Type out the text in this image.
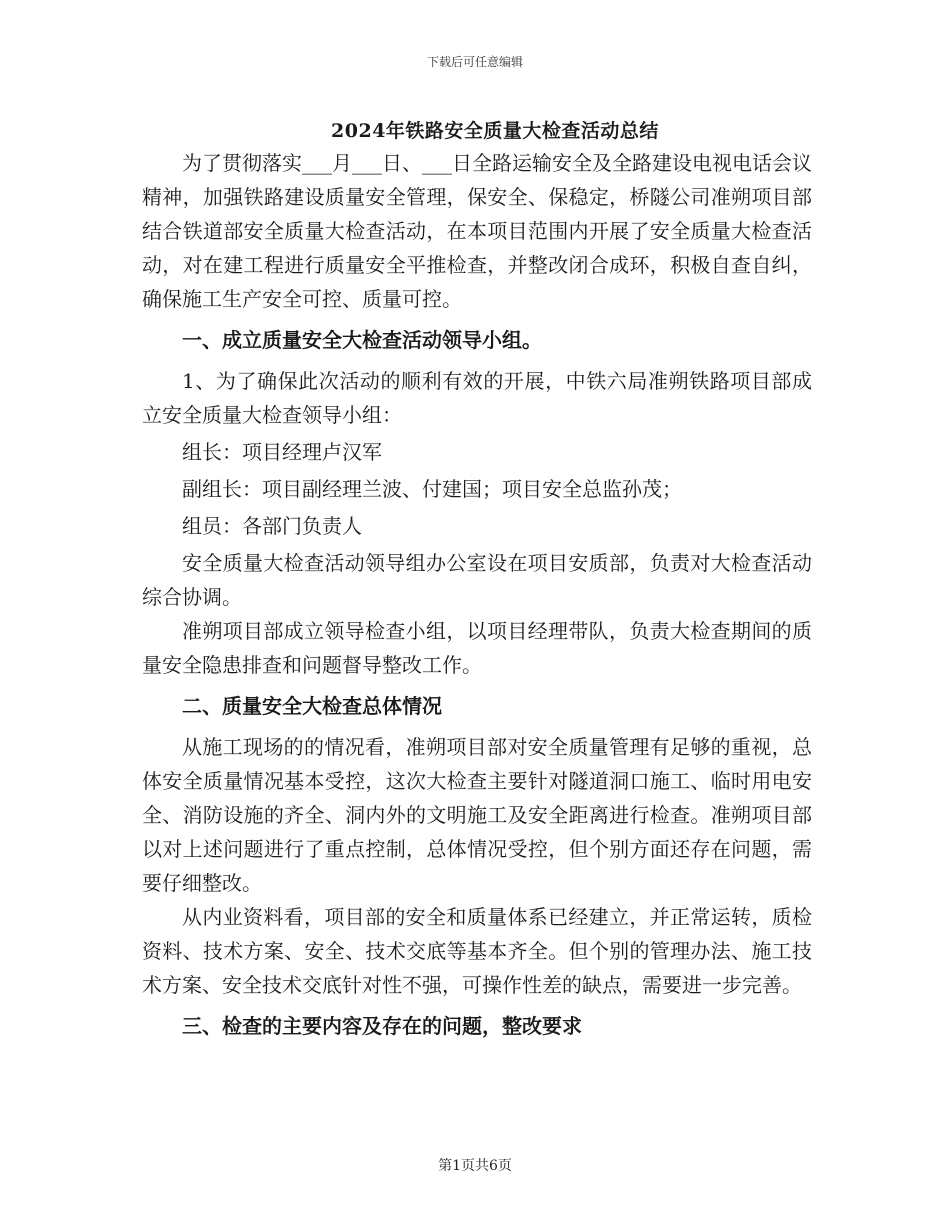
下载后可任意编辑
2024年铁路安全质量大检查活动总结

为了贯彻落实___月___日、___日全路运输安全及全路建设电视电话会议精神，加强铁路建设质量安全管理，保安全、保稳定，桥隧公司准朔项目部结合铁道部安全质量大检查活动，在本项目范围内开展了安全质量大检查活动，对在建工程进行质量安全平推检查，并整改闭合成环，积极自查自纠，确保施工生产安全可控、质量可控。

一、成立质量安全大检查活动领导小组。

1、为了确保此次活动的顺利有效的开展，中铁六局准朔铁路项目部成立安全质量大检查领导小组：

组长：项目经理卢汉军

副组长：项目副经理兰波、付建国；项目安全总监孙茂；

组员：各部门负责人

安全质量大检查活动领导组办公室设在项目安质部，负责对大检查活动综合协调。

准朔项目部成立领导检查小组，以项目经理带队，负责大检查期间的质量安全隐患排查和问题督导整改工作。

二、质量安全大检查总体情况

从施工现场的的情况看，准朔项目部对安全质量管理有足够的重视，总体安全质量情况基本受控，这次大检查主要针对隧道洞口施工、临时用电安全、消防设施的齐全、洞内外的文明施工及安全距离进行检查。准朔项目部以对上述问题进行了重点控制，总体情况受控，但个别方面还存在问题，需要仔细整改。

从内业资料看，项目部的安全和质量体系已经建立，并正常运转，质检资料、技术方案、安全、技术交底等基本齐全。但个别的管理办法、施工技术方案、安全技术交底针对性不强，可操作性差的缺点，需要进一步完善。

三、检查的主要内容及存在的问题，整改要求

第1页共6页
